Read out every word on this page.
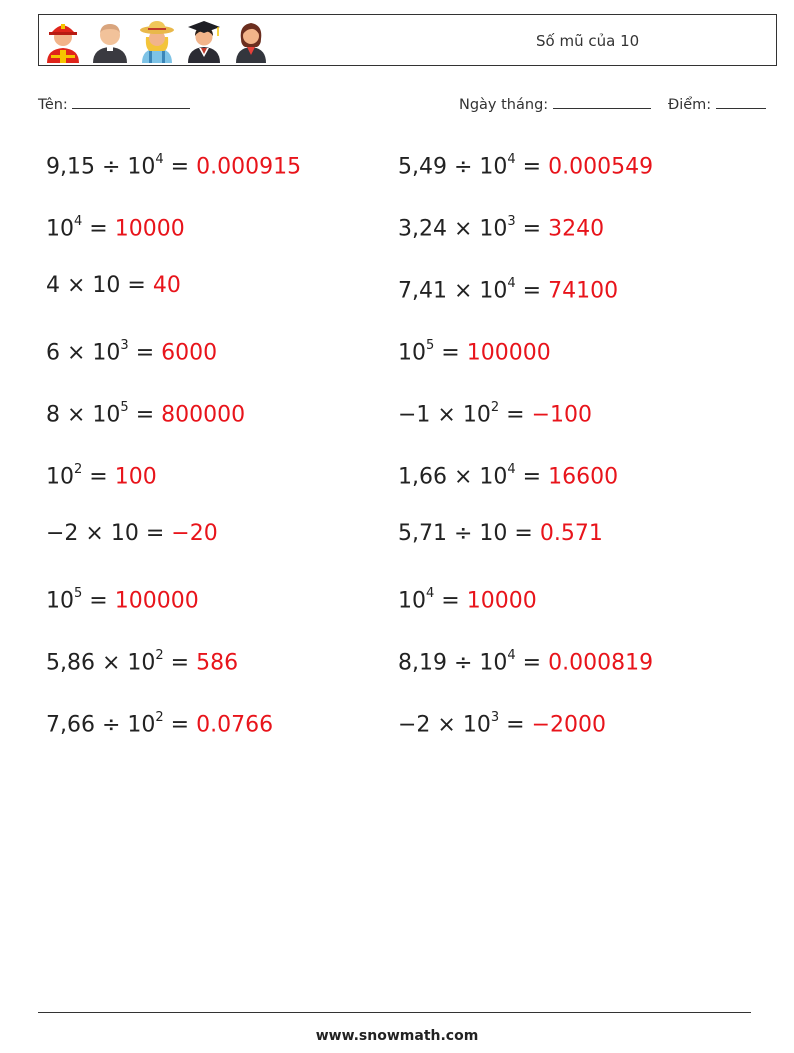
Số mũ của 10
Tên:	Ngày tháng:	Điểm:
$9,15 \div 10^4 = 0.000915$	$5,49 \div 10^4 = 0.000549$
$10^4 = 10000$	$3,24 \times 10^3 = 3240$
4 × 10 = 40	$7,41 \times 10^4 = 74100$
$6 \times 10^3 = 6000$	$10^5 = 100000$
$8 \times 10^5 = 800000$	$-1 \times 10^2 = -100$
$10^2 = 100$	$1,66 \times 10^4 = 16600$
−2 × 10 = −20	5,71 ÷ 10 = 0.571
$10^5 = 100000$	$10^4 = 10000$
$5,86 \times 10^2 = 586$	$8,19 \div 10^4 = 0.000819$
$7,66 \div 10^2 = 0.0766$	$-2 \times 10^3 = -2000$
www.snowmath.com
